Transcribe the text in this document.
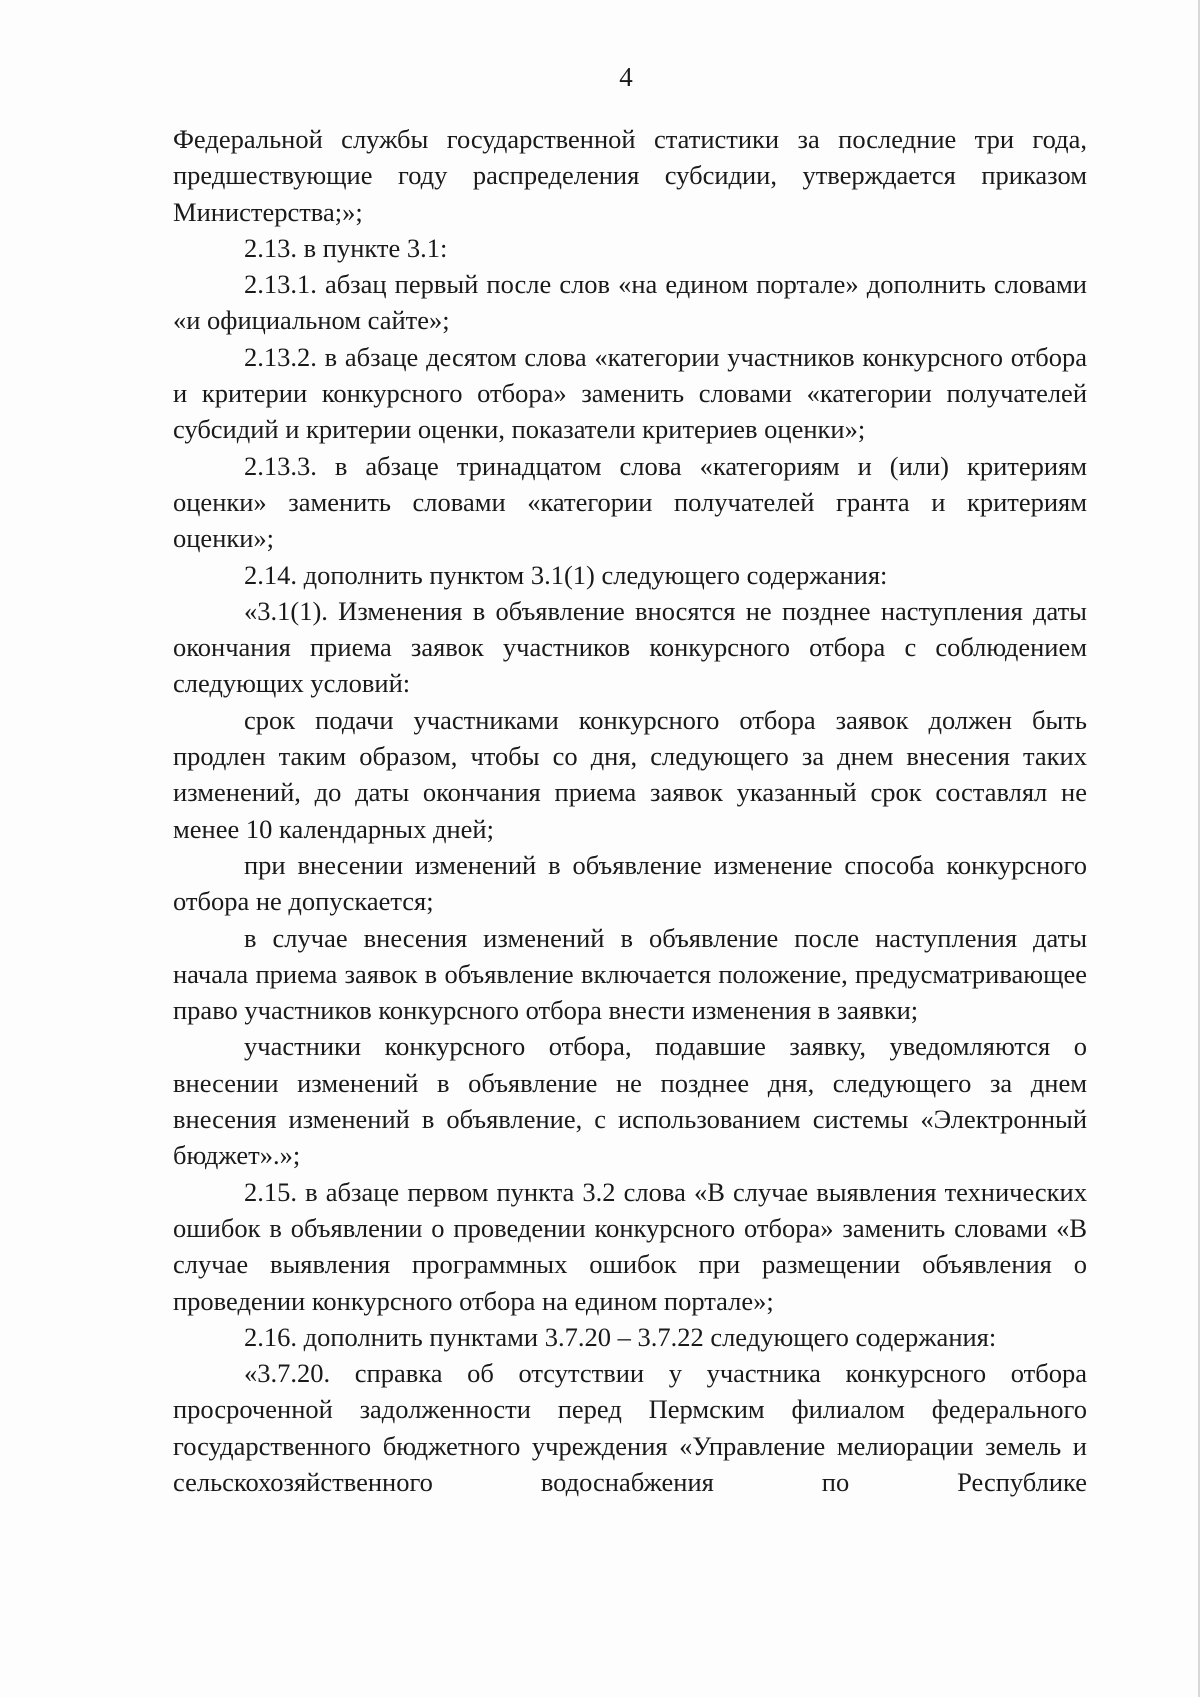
4

Федеральной службы государственной статистики за последние три года, предшествующие году распределения субсидии, утверждается приказом Министерства;»;

2.13. в пункте 3.1:

2.13.1. абзац первый после слов «на едином портале» дополнить словами «и официальном сайте»;

2.13.2. в абзаце десятом слова «категории участников конкурсного отбора и критерии конкурсного отбора» заменить словами «категории получателей субсидий и критерии оценки, показатели критериев оценки»;

2.13.3. в абзаце тринадцатом слова «категориям и (или) критериям оценки» заменить словами «категории получателей гранта и критериям оценки»;

2.14. дополнить пунктом 3.1(1) следующего содержания:

«3.1(1). Изменения в объявление вносятся не позднее наступления даты окончания приема заявок участников конкурсного отбора с соблюдением следующих условий:

срок подачи участниками конкурсного отбора заявок должен быть продлен таким образом, чтобы со дня, следующего за днем внесения таких изменений, до даты окончания приема заявок указанный срок составлял не менее 10 календарных дней;

при внесении изменений в объявление изменение способа конкурсного отбора не допускается;

в случае внесения изменений в объявление после наступления даты начала приема заявок в объявление включается положение, предусматривающее право участников конкурсного отбора внести изменения в заявки;

участники конкурсного отбора, подавшие заявку, уведомляются о внесении изменений в объявление не позднее дня, следующего за днем внесения изменений в объявление, с использованием системы «Электронный бюджет».»;

2.15. в абзаце первом пункта 3.2 слова «В случае выявления технических ошибок в объявлении о проведении конкурсного отбора» заменить словами «В случае выявления программных ошибок при размещении объявления о проведении конкурсного отбора на едином портале»;

2.16. дополнить пунктами 3.7.20 – 3.7.22 следующего содержания:

«3.7.20. справка об отсутствии у участника конкурсного отбора просроченной задолженности перед Пермским филиалом федерального государственного бюджетного учреждения «Управление мелиорации земель и сельскохозяйственного водоснабжения по Республике
